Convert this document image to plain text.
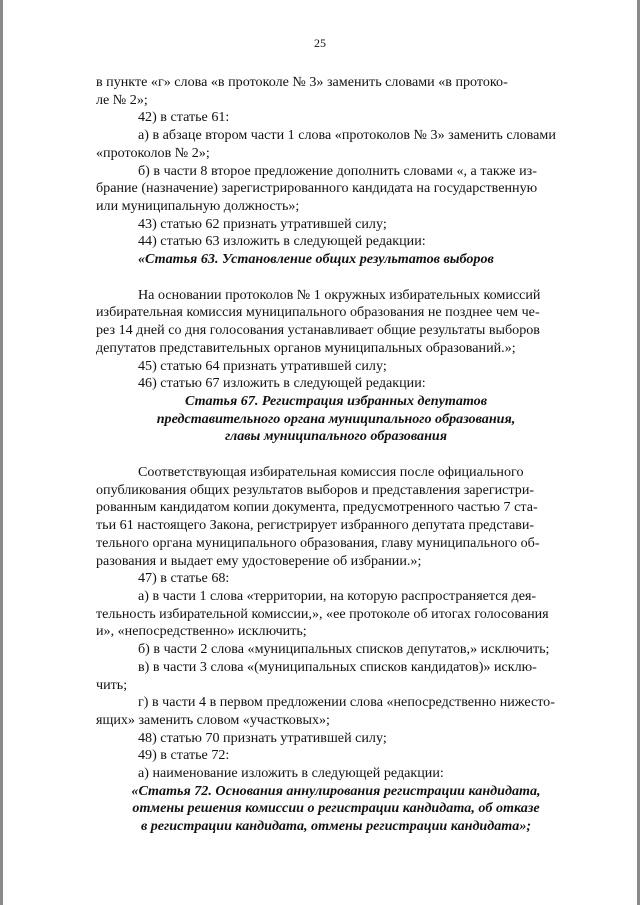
25

в пункте «г» слова «в протоколе № 3» заменить словами «в протоко-
ле № 2»;

42) в статье 61:

а) в абзаце втором части 1 слова «протоколов № 3» заменить словами
«протоколов № 2»;

б) в части 8 второе предложение дополнить словами «, а также из-
брание (назначение) зарегистрированного кандидата на государственную
или муниципальную должность»;

43) статью 62 признать утратившей силу;

44) статью 63 изложить в следующей редакции:

«Статья 63. Установление общих результатов выборов

На основании протоколов № 1 окружных избирательных комиссий
избирательная комиссия муниципального образования не позднее чем че-
рез 14 дней со дня голосования устанавливает общие результаты выборов
депутатов представительных органов муниципальных образований.»;

45) статью 64 признать утратившей силу;

46) статью 67 изложить в следующей редакции:

Статья 67. Регистрация избранных депутатов
представительного органа муниципального образования,
главы муниципального образования

Соответствующая избирательная комиссия после официального
опубликования общих результатов выборов и представления зарегистри-
рованным кандидатом копии документа, предусмотренного частью 7 ста-
тьи 61 настоящего Закона, регистрирует избранного депутата представи-
тельного органа муниципального образования, главу муниципального об-
разования и выдает ему удостоверение об избрании.»;

47) в статье 68:

а) в части 1 слова «территории, на которую распространяется дея-
тельность избирательной комиссии,», «ее протоколе об итогах голосования
и», «непосредственно» исключить;

б) в части 2 слова «муниципальных списков депутатов,» исключить;

в) в части 3 слова «(муниципальных списков кандидатов)» исклю-
чить;

г) в части 4 в первом предложении слова «непосредственно нижесто-
ящих» заменить словом «участковых»;

48) статью 70 признать утратившей силу;

49) в статье 72:

а) наименование изложить в следующей редакции:

«Статья 72. Основания аннулирования регистрации кандидата,
отмены решения комиссии о регистрации кандидата, об отказе
в регистрации кандидата, отмены регистрации кандидата»;
